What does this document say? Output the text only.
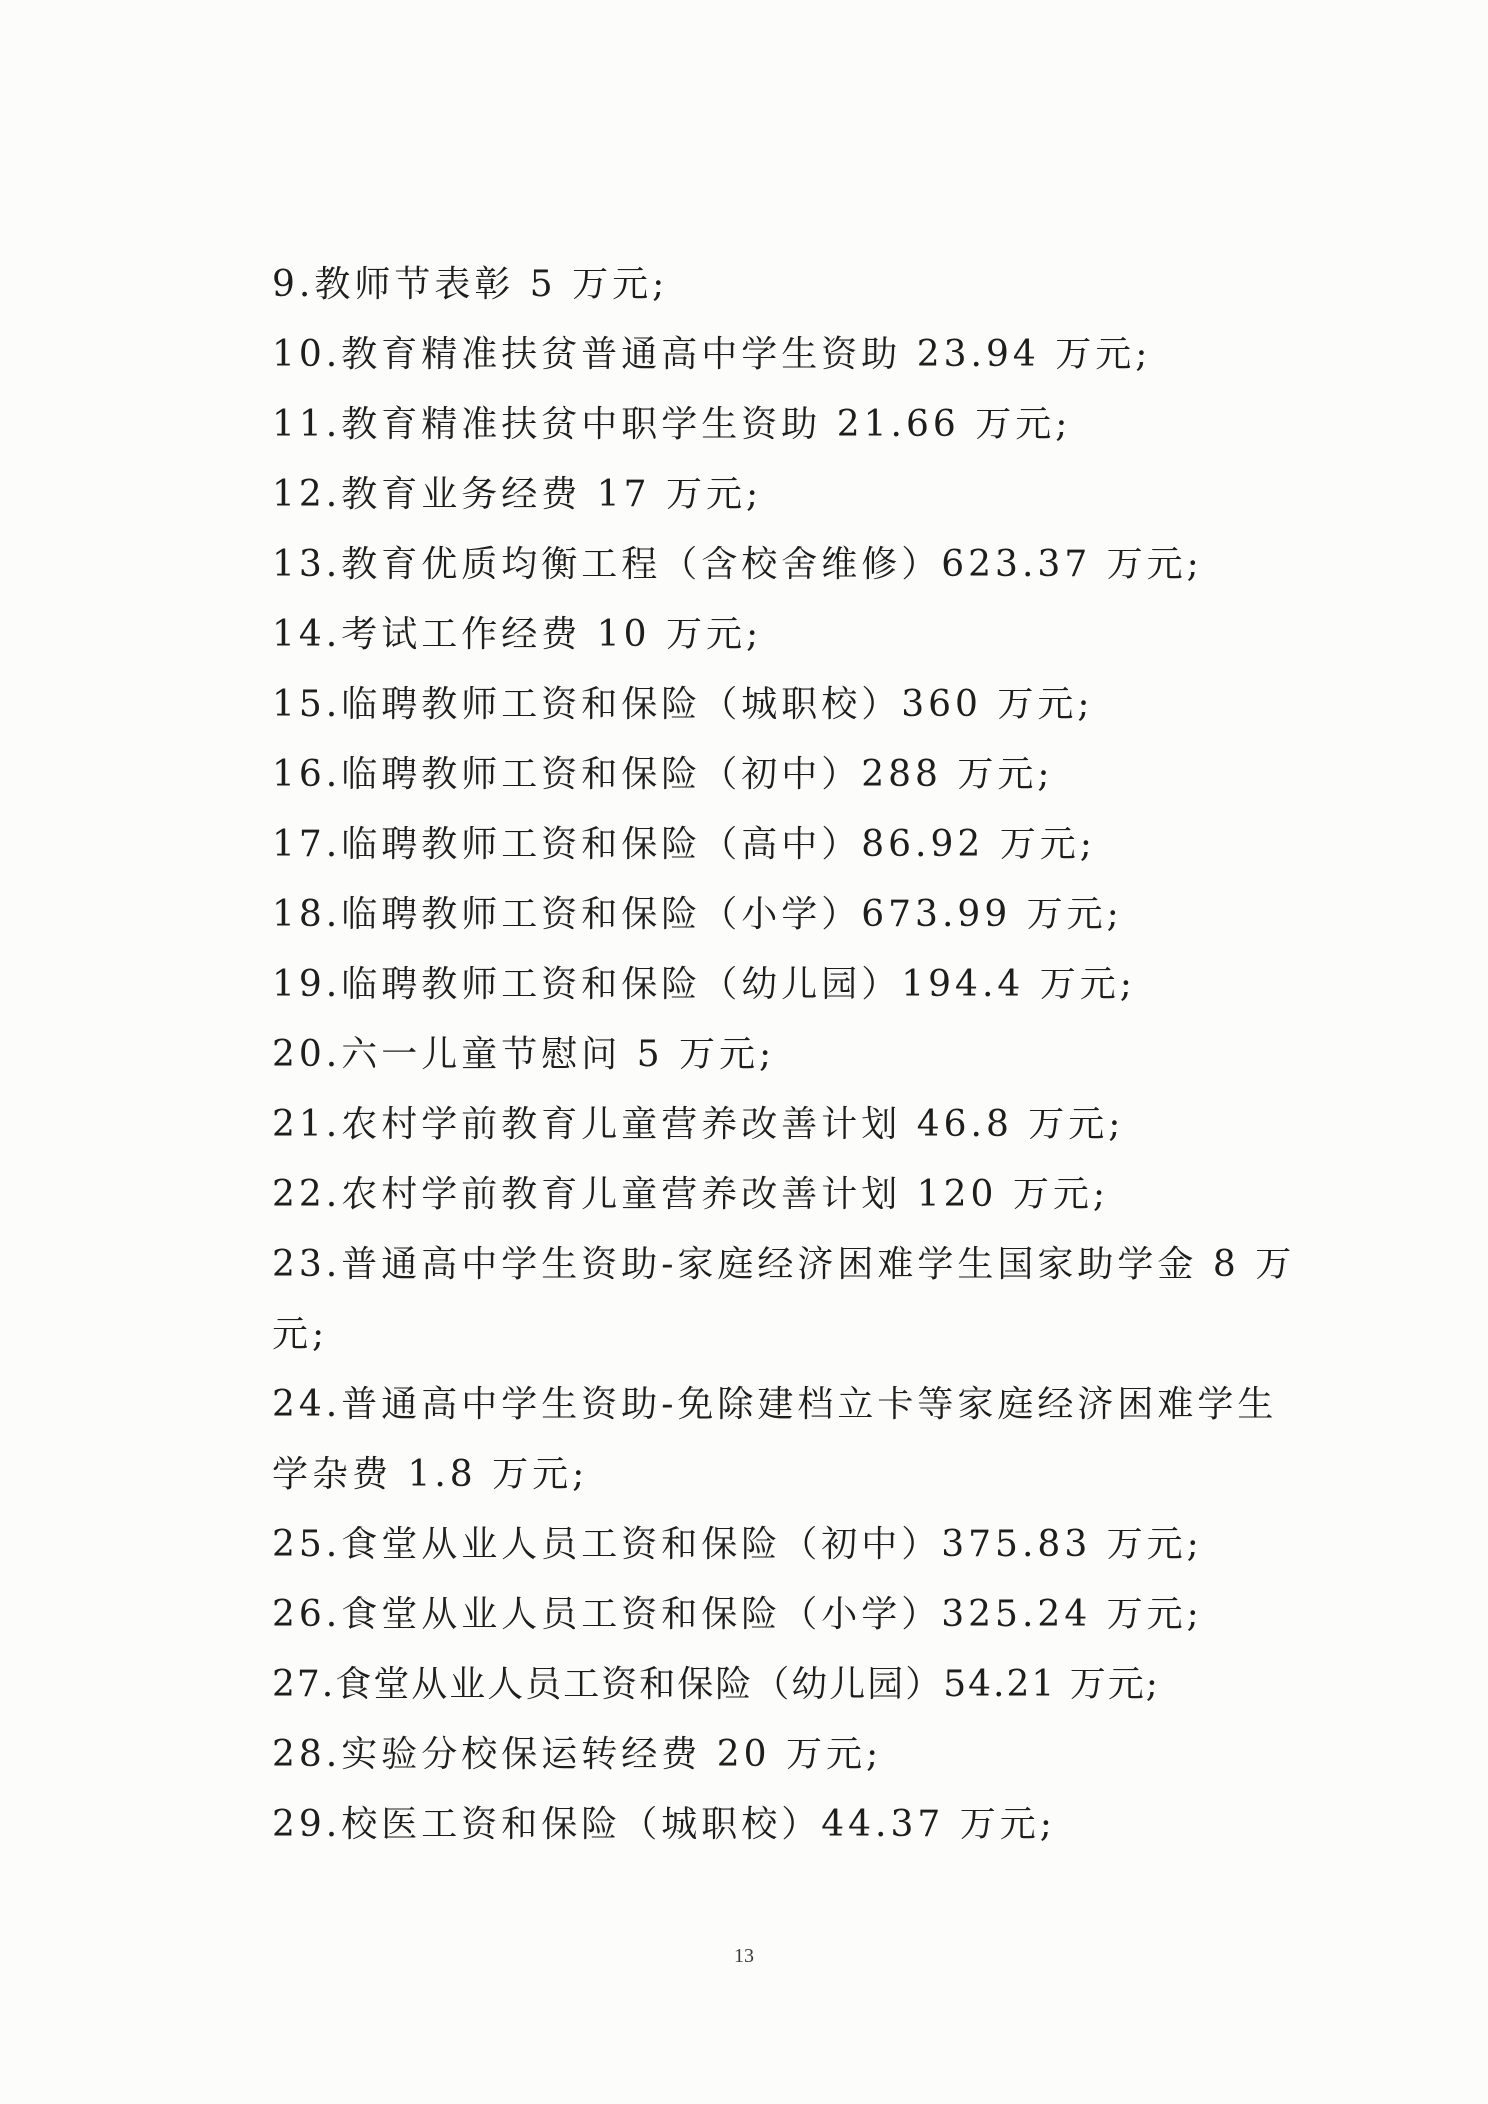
9.教师节表彰 5 万元;

10.教育精准扶贫普通高中学生资助 23.94 万元;

11.教育精准扶贫中职学生资助 21.66 万元;

12.教育业务经费 17 万元;

13.教育优质均衡工程（含校舍维修）623.37 万元;

14.考试工作经费 10 万元;

15.临聘教师工资和保险（城职校）360 万元;

16.临聘教师工资和保险（初中）288 万元;

17.临聘教师工资和保险（高中）86.92 万元;

18.临聘教师工资和保险（小学）673.99 万元;

19.临聘教师工资和保险（幼儿园）194.4 万元;

20.六一儿童节慰问 5 万元;

21.农村学前教育儿童营养改善计划 46.8 万元;

22.农村学前教育儿童营养改善计划 120 万元;

23.普通高中学生资助-家庭经济困难学生国家助学金 8 万元;

24.普通高中学生资助-免除建档立卡等家庭经济困难学生学杂费 1.8 万元;

25.食堂从业人员工资和保险（初中）375.83 万元;

26.食堂从业人员工资和保险（小学）325.24 万元;

27.食堂从业人员工资和保险（幼儿园）54.21 万元;

28.实验分校保运转经费 20 万元;

29.校医工资和保险（城职校）44.37 万元;

13
